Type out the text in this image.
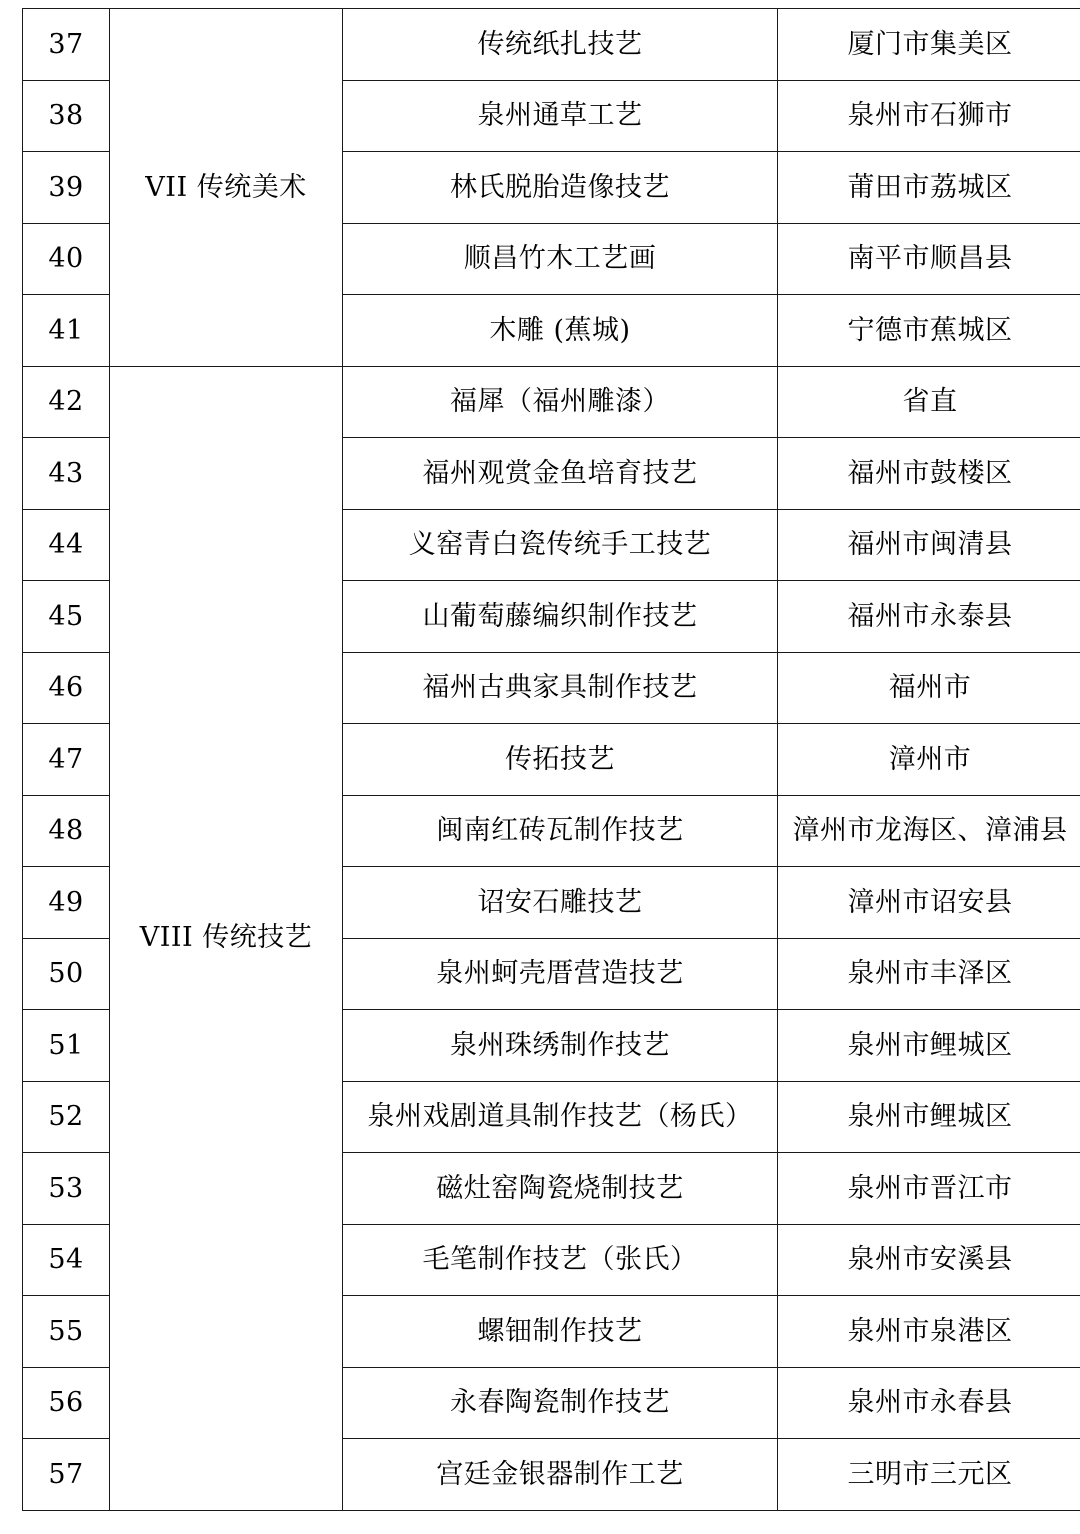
37	VII 传统美术	传统纸扎技艺	厦门市集美区
38		泉州通草工艺	泉州市石狮市
39		林氏脱胎造像技艺	莆田市荔城区
40		顺昌竹木工艺画	南平市顺昌县
41		木雕 (蕉城)	宁德市蕉城区
42	VIII 传统技艺	福犀（福州雕漆）	省直
43		福州观赏金鱼培育技艺	福州市鼓楼区
44		义窑青白瓷传统手工技艺	福州市闽清县
45		山葡萄藤编织制作技艺	福州市永泰县
46		福州古典家具制作技艺	福州市
47		传拓技艺	漳州市
48		闽南红砖瓦制作技艺	漳州市龙海区、漳浦县
49		诏安石雕技艺	漳州市诏安县
50		泉州蚵壳厝营造技艺	泉州市丰泽区
51		泉州珠绣制作技艺	泉州市鲤城区
52		泉州戏剧道具制作技艺（杨氏）	泉州市鲤城区
53		磁灶窑陶瓷烧制技艺	泉州市晋江市
54		毛笔制作技艺（张氏）	泉州市安溪县
55		螺钿制作技艺	泉州市泉港区
56		永春陶瓷制作技艺	泉州市永春县
57		宫廷金银器制作工艺	三明市三元区
